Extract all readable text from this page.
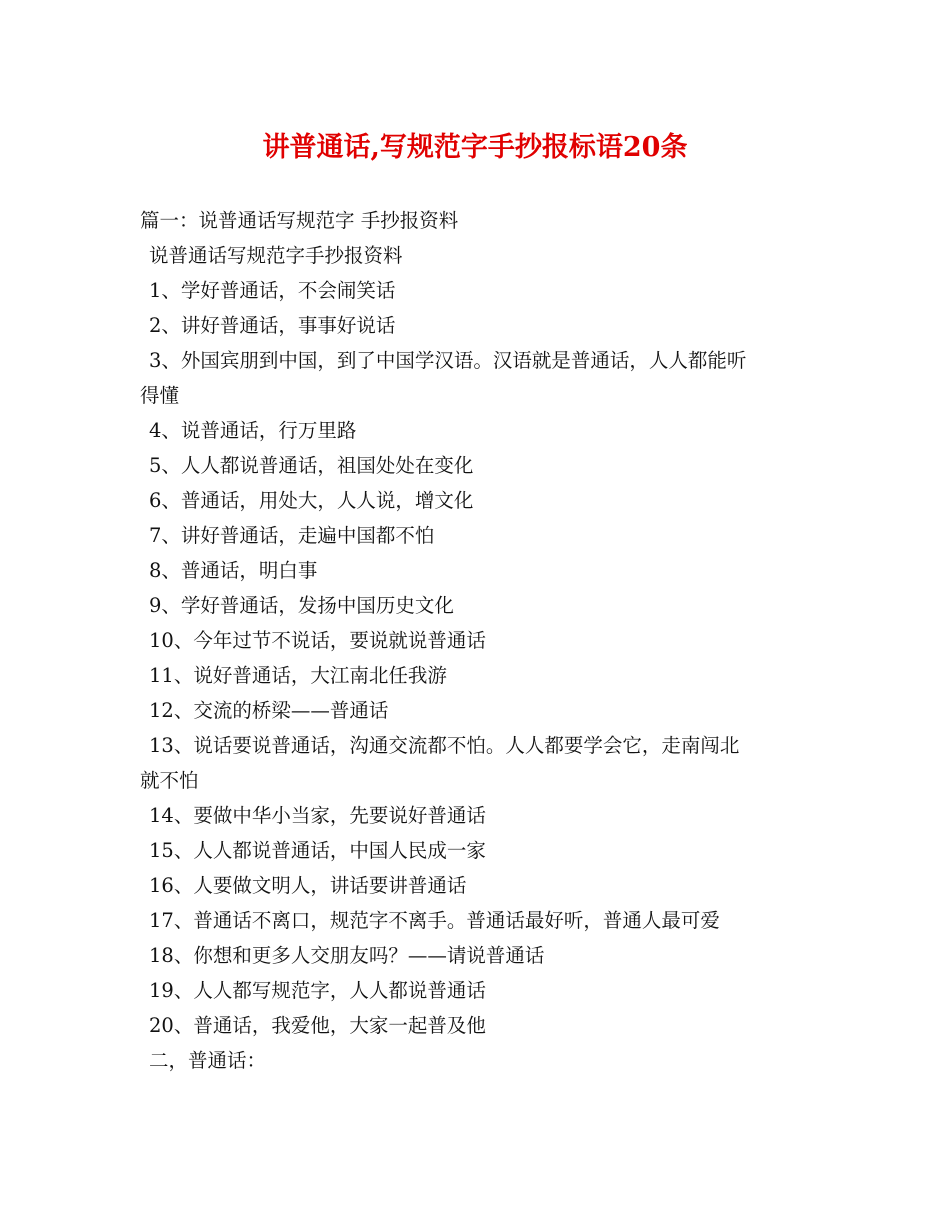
讲普通话,写规范字手抄报标语20条

篇一：说普通话写规范字 手抄报资料

说普通话写规范字手抄报资料

1、学好普通话，不会闹笑话

2、讲好普通话，事事好说话

3、外国宾朋到中国，到了中国学汉语。汉语就是普通话，人人都能听

得懂

4、说普通话，行万里路

5、人人都说普通话，祖国处处在变化

6、普通话，用处大，人人说，增文化

7、讲好普通话，走遍中国都不怕

8、普通话，明白事

9、学好普通话，发扬中国历史文化

10、今年过节不说话，要说就说普通话

11、说好普通话，大江南北任我游

12、交流的桥梁——普通话

13、说话要说普通话，沟通交流都不怕。人人都要学会它，走南闯北

就不怕

14、要做中华小当家，先要说好普通话

15、人人都说普通话，中国人民成一家

16、人要做文明人，讲话要讲普通话

17、普通话不离口，规范字不离手。普通话最好听，普通人最可爱

18、你想和更多人交朋友吗？——请说普通话

19、人人都写规范字，人人都说普通话

20、普通话，我爱他，大家一起普及他

二，普通话：
